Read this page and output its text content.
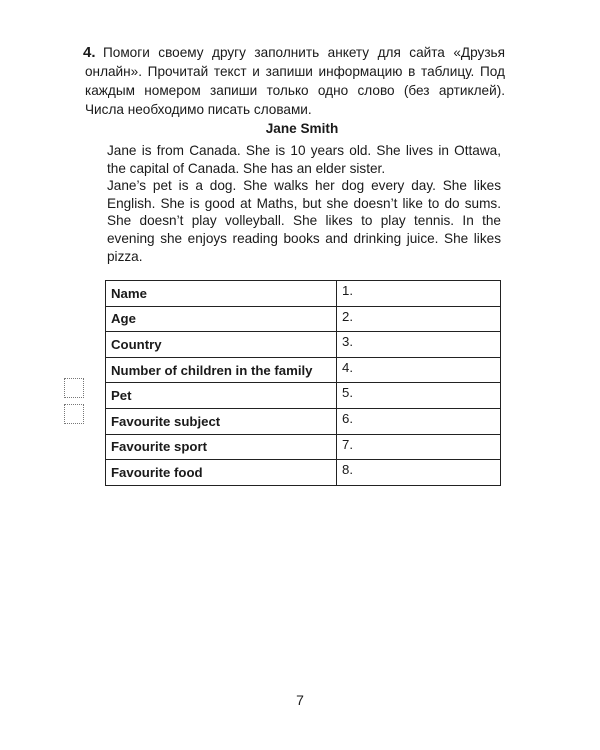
4. Помоги своему другу заполнить анкету для сайта «Друзья онлайн». Прочитай текст и запиши информацию в таблицу. Под каждым номером запиши только одно слово (без артиклей). Числа необходимо писать словами.
Jane Smith

Jane is from Canada. She is 10 years old. She lives in Ottawa, the capital of Canada. She has an elder sister.

Jane’s pet is a dog. She walks her dog every day. She likes English. She is good at Maths, but she doesn’t like to do sums. She doesn’t play volleyball. She likes to play tennis. In the evening she enjoys reading books and drinking juice. She likes pizza.

Name	1.
Age	2.
Country	3.
Number of children in the family	4.
Pet	5.
Favourite subject	6.
Favourite sport	7.
Favourite food	8.
7
